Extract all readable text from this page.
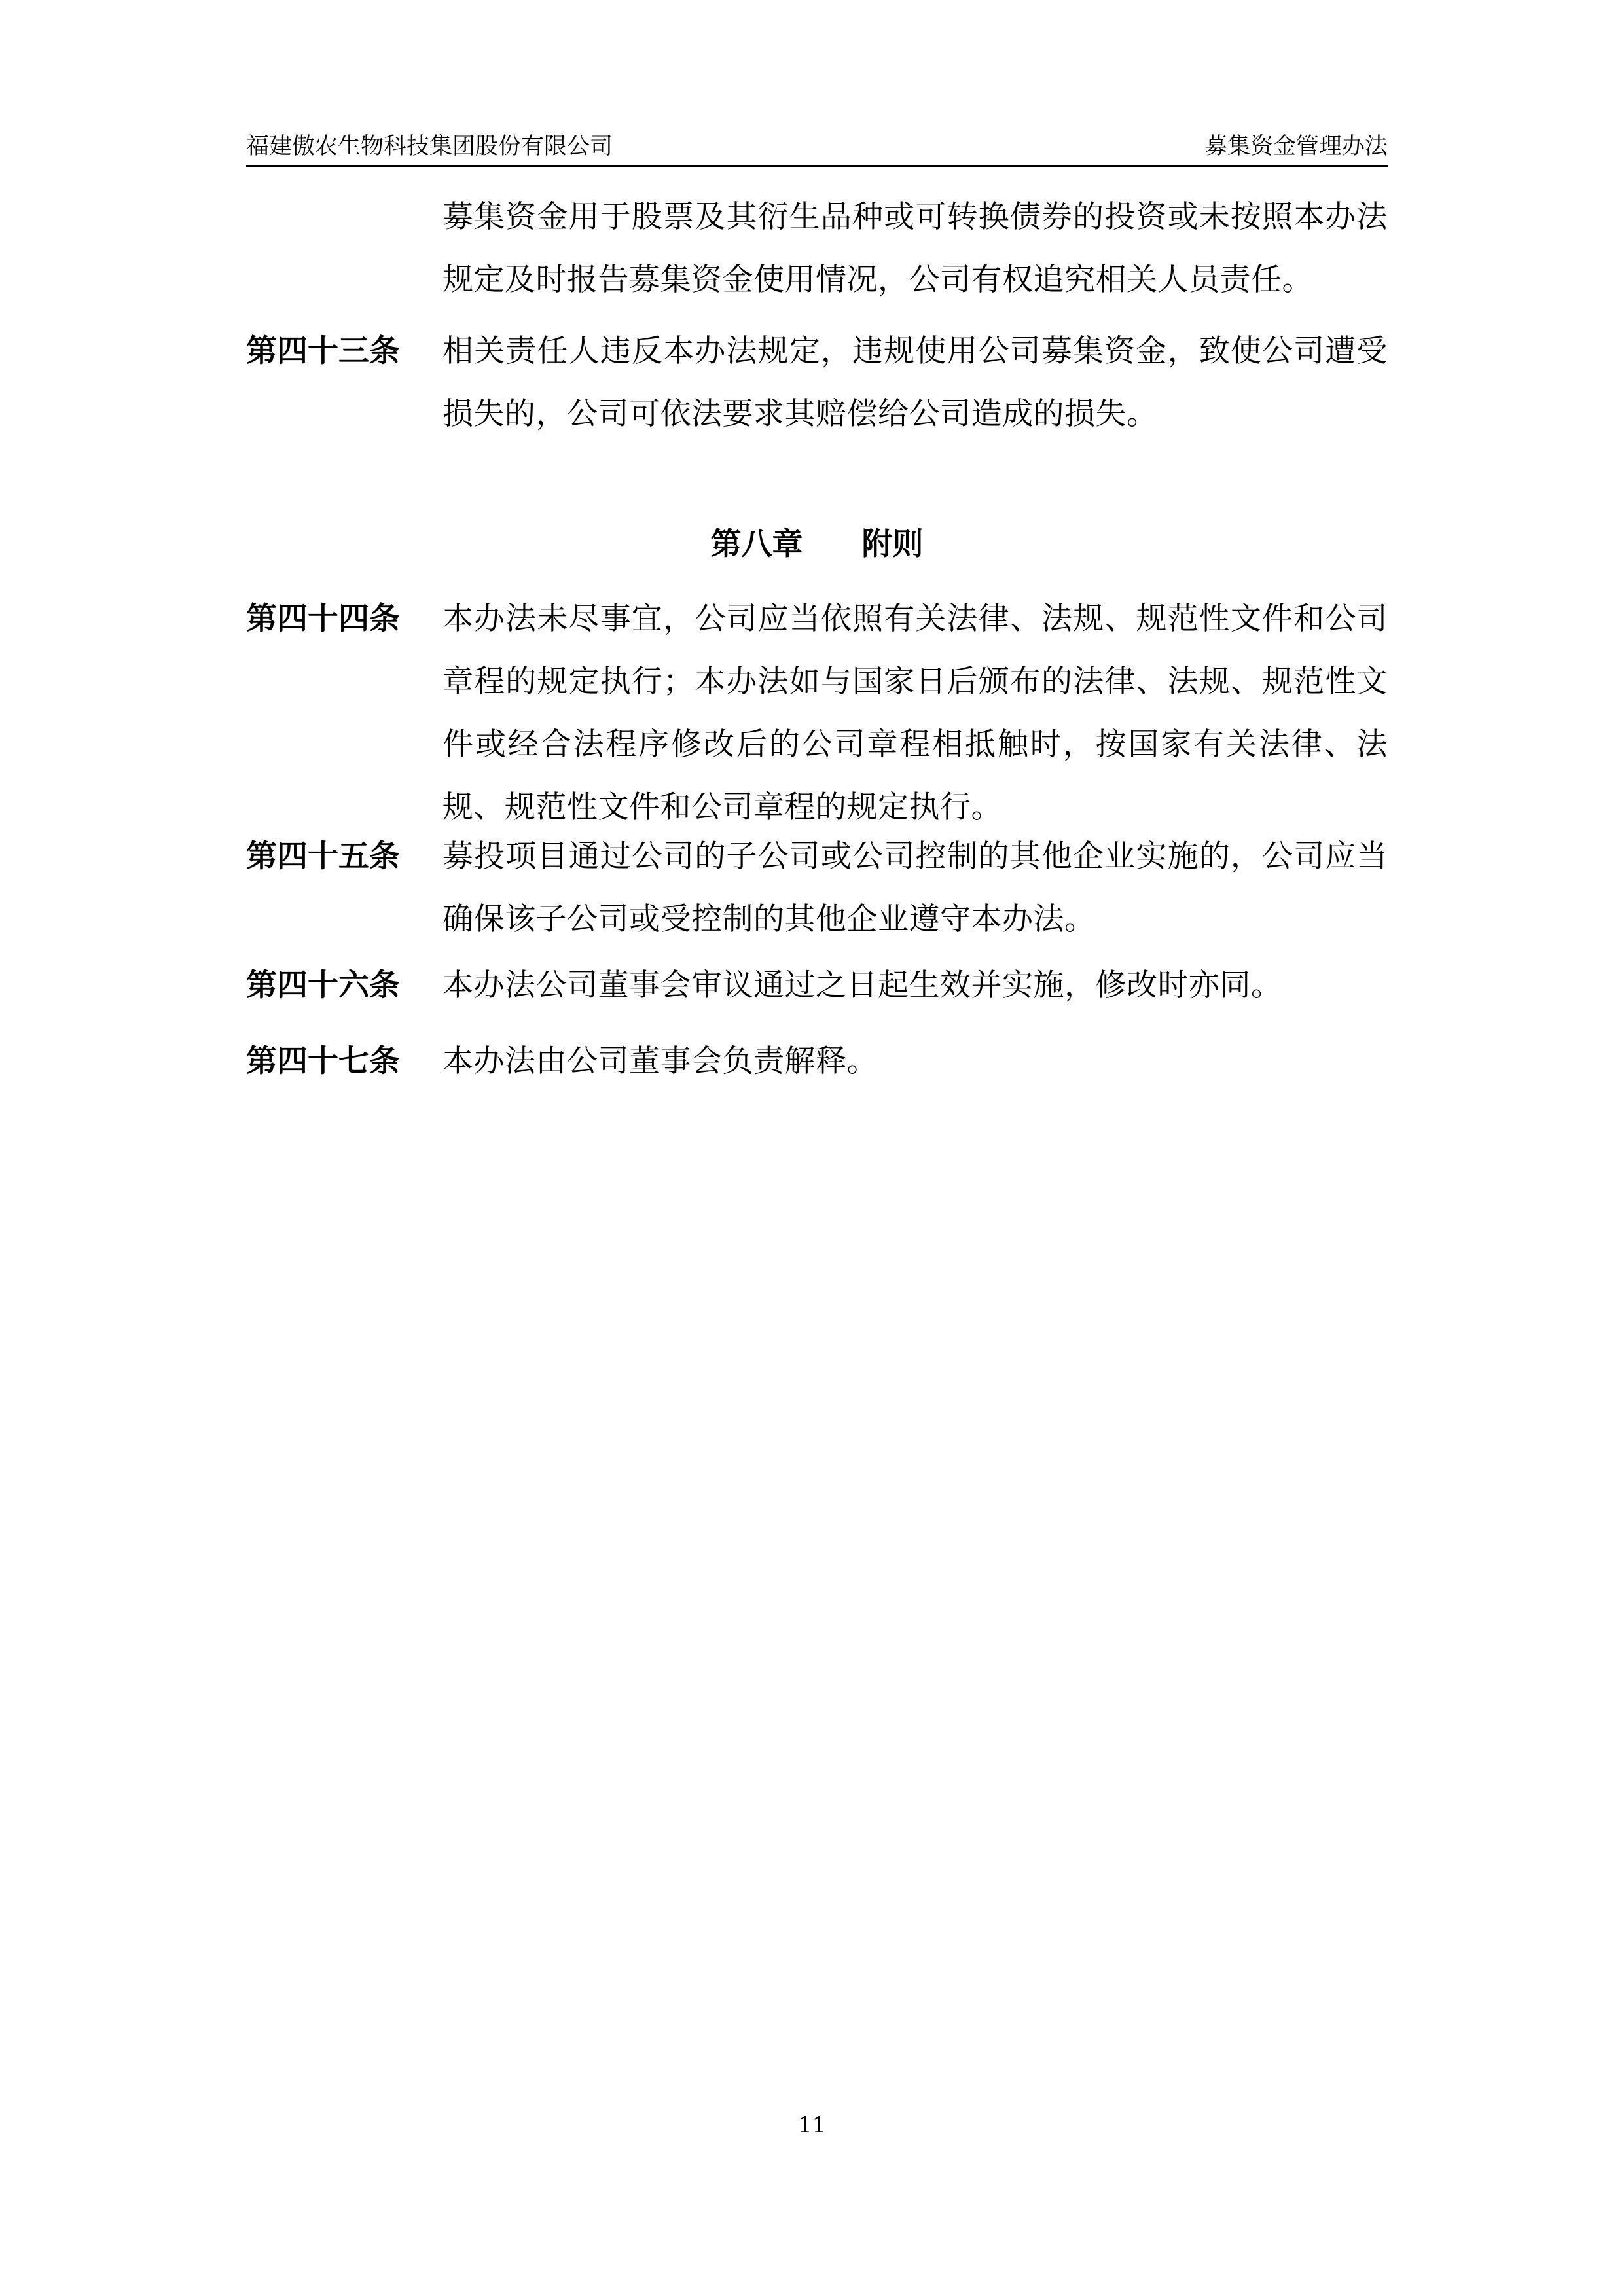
福建傲农生物科技集团股份有限公司	募集资金管理办法
募集资金用于股票及其衍生品种或可转换债券的投资或未按照本办法规定及时报告募集资金使用情况，公司有权追究相关人员责任。
第四十三条	相关责任人违反本办法规定，违规使用公司募集资金，致使公司遭受损失的，公司可依法要求其赔偿给公司造成的损失。
第八章 附则
第四十四条	本办法未尽事宜，公司应当依照有关法律、法规、规范性文件和公司章程的规定执行；本办法如与国家日后颁布的法律、法规、规范性文件或经合法程序修改后的公司章程相抵触时，按国家有关法律、法规、规范性文件和公司章程的规定执行。
第四十五条	募投项目通过公司的子公司或公司控制的其他企业实施的，公司应当确保该子公司或受控制的其他企业遵守本办法。
第四十六条	本办法公司董事会审议通过之日起生效并实施，修改时亦同。
第四十七条	本办法由公司董事会负责解释。
11
